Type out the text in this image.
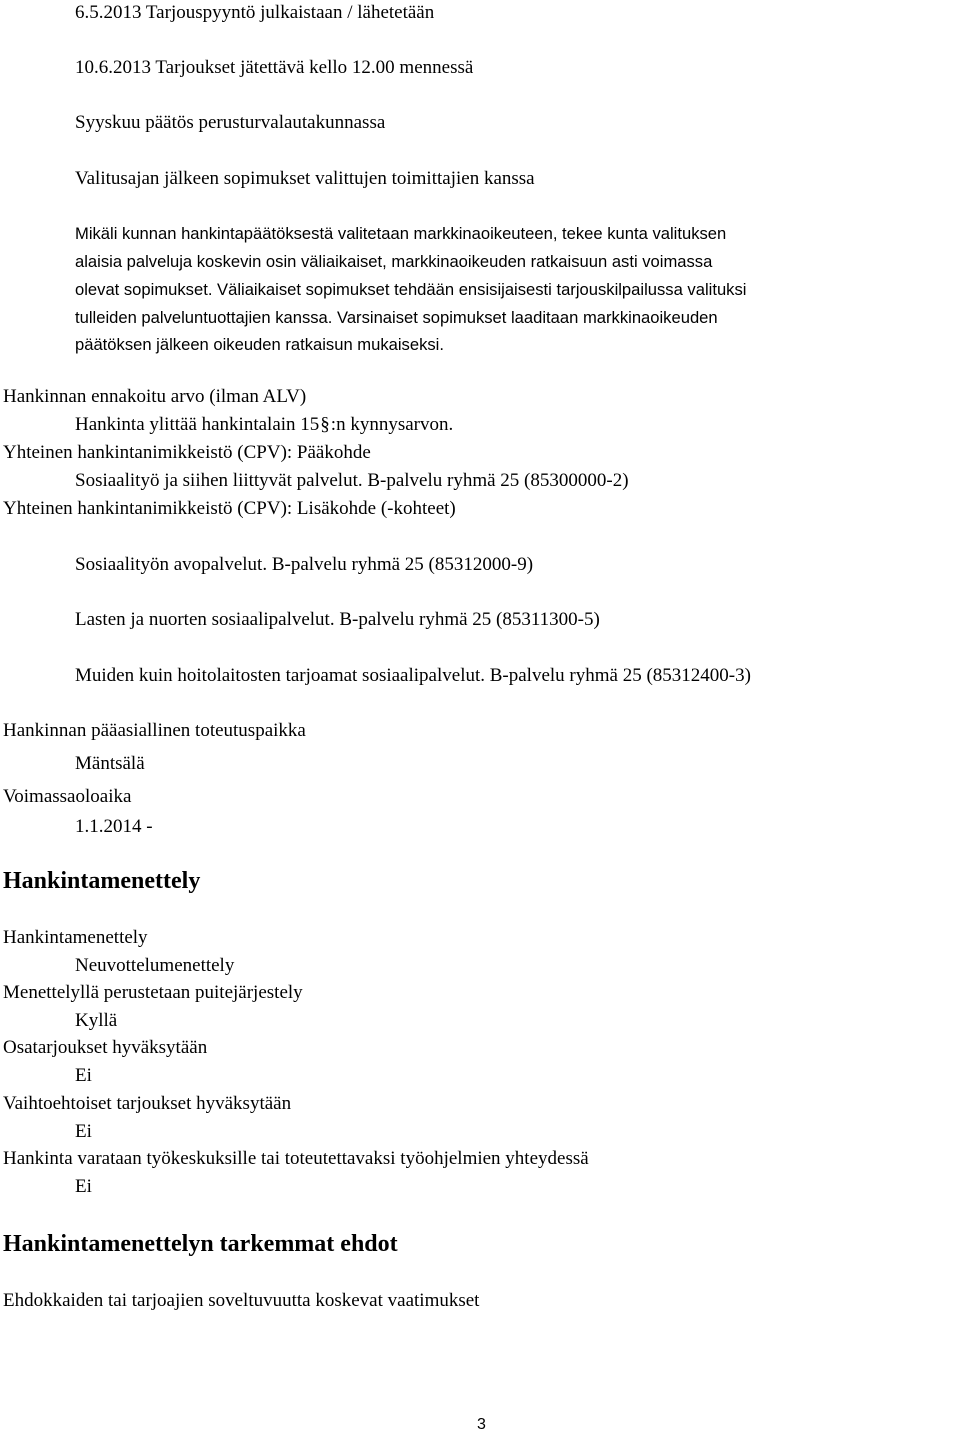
6.5.2013 Tarjouspyyntö julkaistaan / lähetetään
10.6.2013 Tarjoukset jätettävä kello 12.00 mennessä
Syyskuu päätös perusturvalautakunnassa
Valitusajan jälkeen sopimukset valittujen toimittajien kanssa
Mikäli kunnan hankintapäätöksestä valitetaan markkinaoikeuteen, tekee kunta valituksen
alaisia palveluja koskevin osin väliaikaiset, markkinaoikeuden ratkaisuun asti voimassa
olevat sopimukset. Väliaikaiset sopimukset tehdään ensisijaisesti tarjouskilpailussa valituksi
tulleiden palveluntuottajien kanssa. Varsinaiset sopimukset laaditaan markkinaoikeuden
päätöksen jälkeen oikeuden ratkaisun mukaiseksi.
Hankinnan ennakoitu arvo (ilman ALV)
Hankinta ylittää hankintalain 15§:n kynnysarvon.
Yhteinen hankintanimikkeistö (CPV): Pääkohde
Sosiaalityö ja siihen liittyvät palvelut. B-palvelu ryhmä 25 (85300000-2)
Yhteinen hankintanimikkeistö (CPV): Lisäkohde (-kohteet)
Sosiaalityön avopalvelut. B-palvelu ryhmä 25 (85312000-9)
Lasten ja nuorten sosiaalipalvelut. B-palvelu ryhmä 25 (85311300-5)
Muiden kuin hoitolaitosten tarjoamat sosiaalipalvelut. B-palvelu ryhmä 25 (85312400-3)
Hankinnan pääasiallinen toteutuspaikka
Mäntsälä
Voimassaoloaika
1.1.2014 -
Hankintamenettely
Hankintamenettely
Neuvottelumenettely
Menettelyllä perustetaan puitejärjestely
Kyllä
Osatarjoukset hyväksytään
Ei
Vaihtoehtoiset tarjoukset hyväksytään
Ei
Hankinta varataan työkeskuksille tai toteutettavaksi työohjelmien yhteydessä
Ei
Hankintamenettelyn tarkemmat ehdot
Ehdokkaiden tai tarjoajien soveltuvuutta koskevat vaatimukset
3
